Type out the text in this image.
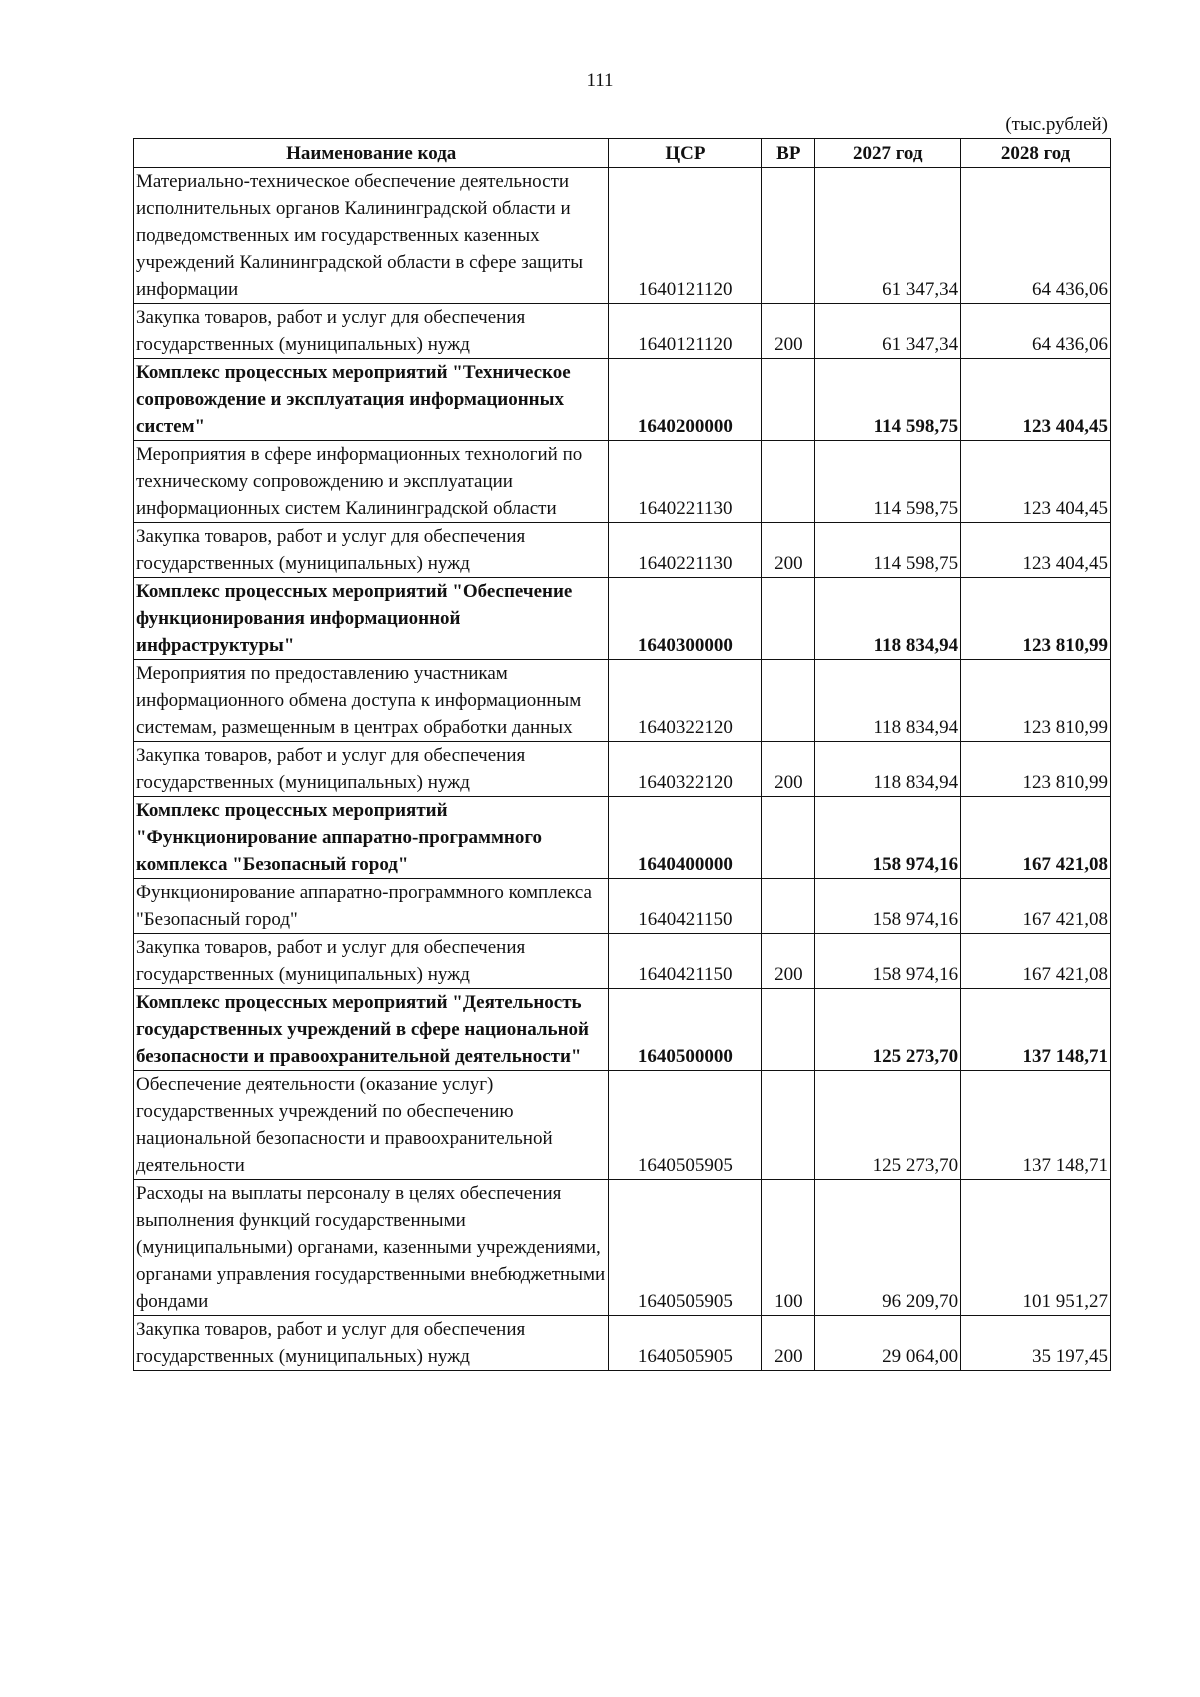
111
(тыс.рублей)
Наименование кода	ЦСР	ВР	2027 год	2028 год
Материально-техническое обеспечение деятельности исполнительных органов Калининградской области и подведомственных им государственных казенных учреждений Калининградской области в сфере защиты информации	1640121120		61 347,34	64 436,06
Закупка товаров, работ и услуг для обеспечения государственных (муниципальных) нужд	1640121120	200	61 347,34	64 436,06
Комплекс процессных мероприятий "Техническое сопровождение и эксплуатация информационных систем"	1640200000		114 598,75	123 404,45
Мероприятия в сфере информационных технологий по техническому сопровождению и эксплуатации информационных систем Калининградской области	1640221130		114 598,75	123 404,45
Закупка товаров, работ и услуг для обеспечения государственных (муниципальных) нужд	1640221130	200	114 598,75	123 404,45
Комплекс процессных мероприятий "Обеспечение функционирования информационной инфраструктуры"	1640300000		118 834,94	123 810,99
Мероприятия по предоставлению участникам информационного обмена доступа к информационным системам, размещенным в центрах обработки данных	1640322120		118 834,94	123 810,99
Закупка товаров, работ и услуг для обеспечения государственных (муниципальных) нужд	1640322120	200	118 834,94	123 810,99
Комплекс процессных мероприятий "Функционирование аппаратно-программного комплекса "Безопасный город"	1640400000		158 974,16	167 421,08
Функционирование аппаратно-программного комплекса "Безопасный город"	1640421150		158 974,16	167 421,08
Закупка товаров, работ и услуг для обеспечения государственных (муниципальных) нужд	1640421150	200	158 974,16	167 421,08
Комплекс процессных мероприятий "Деятельность государственных учреждений в сфере национальной безопасности и правоохранительной деятельности"	1640500000		125 273,70	137 148,71
Обеспечение деятельности (оказание услуг) государственных учреждений по обеспечению национальной безопасности и правоохранительной деятельности	1640505905		125 273,70	137 148,71
Расходы на выплаты персоналу в целях обеспечения выполнения функций государственными (муниципальными) органами, казенными учреждениями, органами управления государственными внебюджетными фондами	1640505905	100	96 209,70	101 951,27
Закупка товаров, работ и услуг для обеспечения государственных (муниципальных) нужд	1640505905	200	29 064,00	35 197,45
